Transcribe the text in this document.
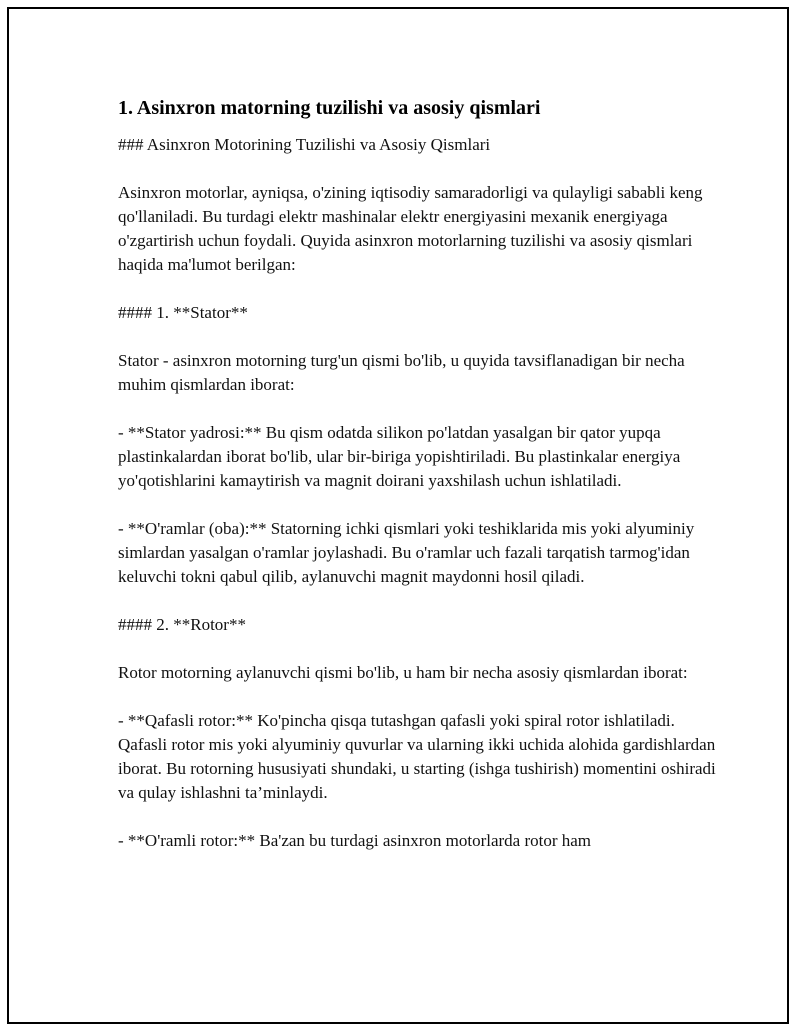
1. Asinxron matorning tuzilishi va asosiy qismlari

### Asinxron Motorining Tuzilishi va Asosiy Qismlari

Asinxron motorlar, ayniqsa, o'zining iqtisodiy samaradorligi va qulayligi sababli keng qo'llaniladi. Bu turdagi elektr mashinalar elektr energiyasini mexanik energiyaga o'zgartirish uchun foydali. Quyida asinxron motorlarning tuzilishi va asosiy qismlari haqida ma'lumot berilgan:

#### 1. **Stator**

Stator - asinxron motorning turg'un qismi bo'lib, u quyida tavsiflanadigan bir necha muhim qismlardan iborat:

- **Stator yadrosi:** Bu qism odatda silikon po'latdan yasalgan bir qator yupqa plastinkalardan iborat bo'lib, ular bir-biriga yopishtiriladi. Bu plastinkalar energiya yo'qotishlarini kamaytirish va magnit doirani yaxshilash uchun ishlatiladi.

- **O'ramlar (oba):** Statorning ichki qismlari yoki teshiklarida mis yoki alyuminiy simlardan yasalgan o'ramlar joylashadi. Bu o'ramlar uch fazali tarqatish tarmog'idan keluvchi tokni qabul qilib, aylanuvchi magnit maydonni hosil qiladi.

#### 2. **Rotor**

Rotor motorning aylanuvchi qismi bo'lib, u ham bir necha asosiy qismlardan iborat:

- **Qafasli rotor:** Ko'pincha qisqa tutashgan qafasli yoki spiral rotor ishlatiladi. Qafasli rotor mis yoki alyuminiy quvurlar va ularning ikki uchida alohida gardishlardan iborat. Bu rotorning hususiyati shundaki, u starting (ishga tushirish) momentini oshiradi va qulay ishlashni ta’minlaydi.

- **O'ramli rotor:** Ba'zan bu turdagi asinxron motorlarda rotor ham
